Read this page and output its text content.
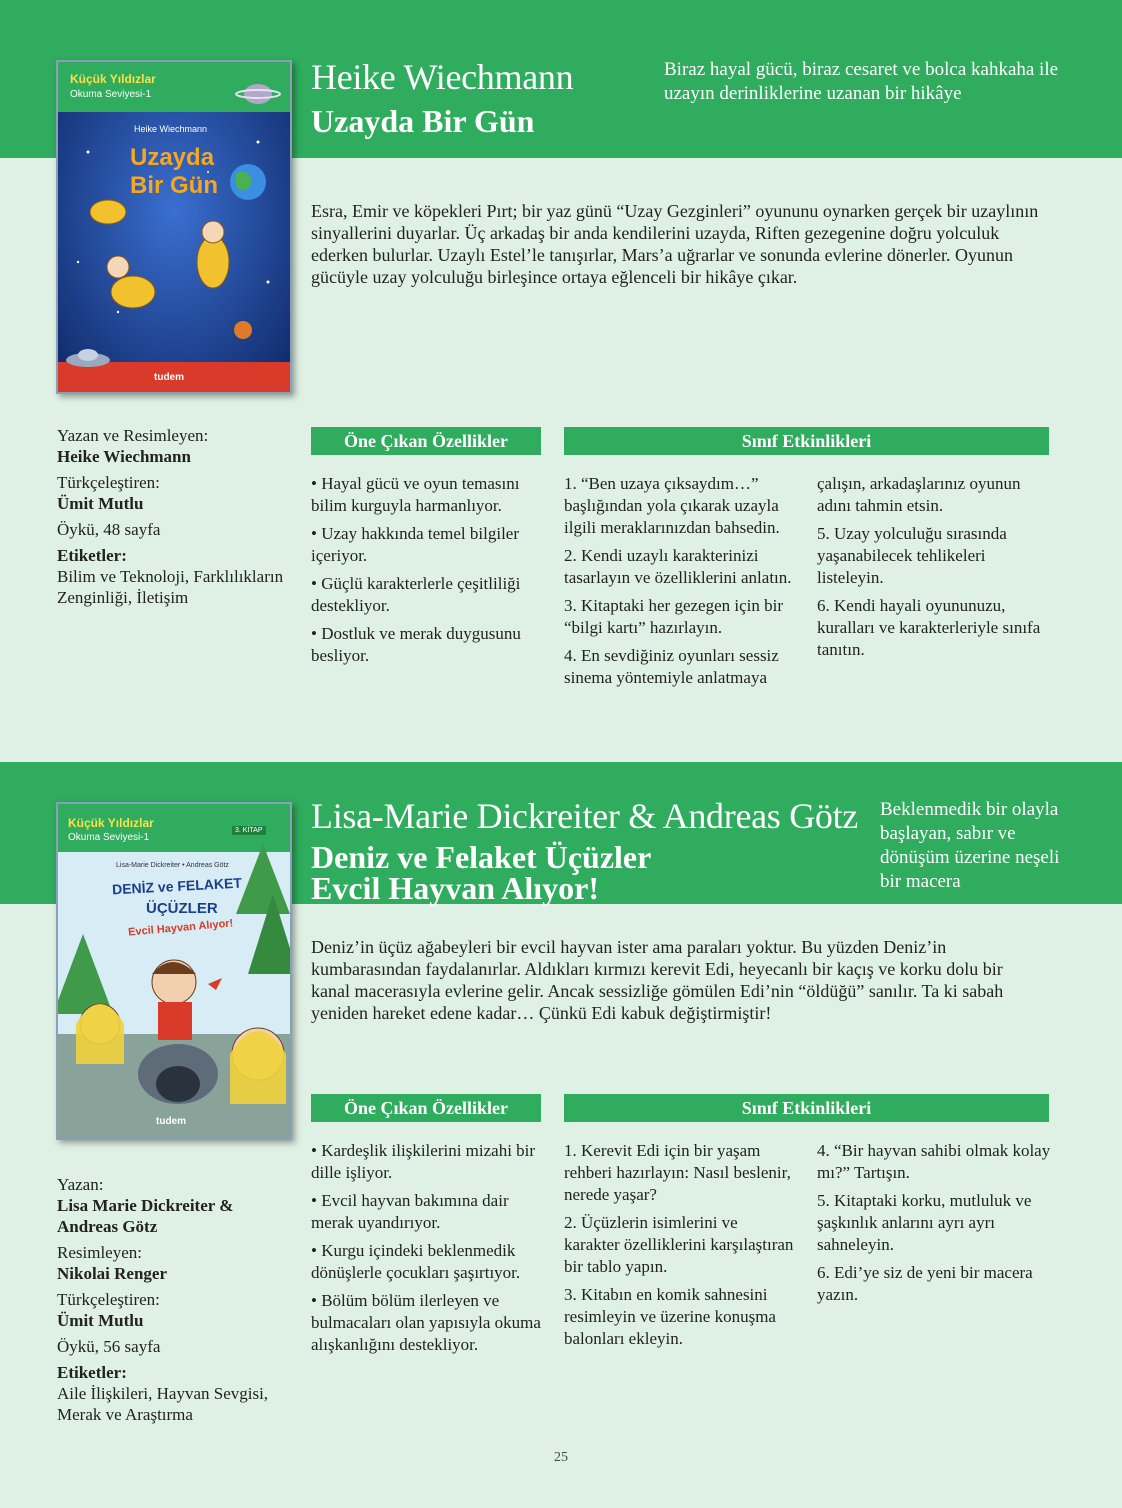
Küçük Yıldızlar
Okuma Seviyesi-1
Heike Wiechmann
Uzayda
Bir Gün
tudem
Heike Wiechmann
Uzayda Bir Gün
Biraz hayal gücü, biraz cesaret ve bolca kahkaha ile uzayın derinliklerine uzanan bir hikâye
Esra, Emir ve köpekleri Pırt; bir yaz günü “Uzay Gezginleri” oyununu oynarken gerçek bir uzaylının sinyallerini duyarlar. Üç arkadaş bir anda kendilerini uzayda, Riften gezegenine doğru yolculuk ederken bulurlar. Uzaylı Estel’le tanışırlar, Mars’a uğrarlar ve sonunda evlerine dönerler. Oyunun gücüyle uzay yolculuğu birleşince ortaya eğlenceli bir hikâye çıkar.
Yazan ve Resimleyen:
Heike Wiechmann
Türkçeleştiren:
Ümit Mutlu
Öykü, 48 sayfa
Etiketler:
Bilim ve Teknoloji, Farklılıkların Zenginliği, İletişim
Öne Çıkan Özellikler	Sınıf Etkinlikleri

• Hayal gücü ve oyun temasını bilim kurguyla harmanlıyor.

• Uzay hakkında temel bilgiler içeriyor.

• Güçlü karakterlerle çeşitliliği destekliyor.

• Dostluk ve merak duygusunu besliyor.

1. “Ben uzaya çıksaydım…” başlığından yola çıkarak uzayla ilgili meraklarınızdan bahsedin.

2. Kendi uzaylı karakterinizi tasarlayın ve özelliklerini anlatın.

3. Kitaptaki her gezegen için bir “bilgi kartı” hazırlayın.

4. En sevdiğiniz oyunları sessiz sinema yöntemiyle anlatmaya

çalışın, arkadaşlarınız oyunun adını tahmin etsin.

5. Uzay yolculuğu sırasında yaşanabilecek tehlikeleri listeleyin.

6. Kendi hayali oyununuzu, kuralları ve karakterleriyle sınıfa tanıtın.

Küçük Yıldızlar
Okuma Seviyesi-1
3. KİTAP
Lisa-Marie Dickreiter • Andreas Götz
DENİZ ve FELAKET
ÜÇÜZLER
Evcil Hayvan Alıyor!
tudem
Lisa-Marie Dickreiter & Andreas Götz
Deniz ve Felaket Üçüzler
Evcil Hayvan Alıyor!
Beklenmedik bir olayla başlayan, sabır ve dönüşüm üzerine neşeli bir macera
Deniz’in üçüz ağabeyleri bir evcil hayvan ister ama paraları yoktur. Bu yüzden Deniz’in kumbarasından faydalanırlar. Aldıkları kırmızı kerevit Edi, heyecanlı bir kaçış ve korku dolu bir kanal macerasıyla evlerine gelir. Ancak sessizliğe gömülen Edi’nin “öldüğü” sanılır. Ta ki sabah yeniden hareket edene kadar… Çünkü Edi kabuk değiştirmiştir!
Öne Çıkan Özellikler	Sınıf Etkinlikleri
Yazan:
Lisa Marie Dickreiter & Andreas Götz
Resimleyen:
Nikolai Renger
Türkçeleştiren:
Ümit Mutlu
Öykü, 56 sayfa
Etiketler:
Aile İlişkileri, Hayvan Sevgisi, Merak ve Araştırma

• Kardeşlik ilişkilerini mizahi bir dille işliyor.

• Evcil hayvan bakımına dair merak uyandırıyor.

• Kurgu içindeki beklenmedik dönüşlerle çocukları şaşırtıyor.

• Bölüm bölüm ilerleyen ve bulmacaları olan yapısıyla okuma alışkanlığını destekliyor.

1. Kerevit Edi için bir yaşam rehberi hazırlayın: Nasıl beslenir, nerede yaşar?

2. Üçüzlerin isimlerini ve karakter özelliklerini karşılaştıran bir tablo yapın.

3. Kitabın en komik sahnesini resimleyin ve üzerine konuşma balonları ekleyin.

4. “Bir hayvan sahibi olmak kolay mı?” Tartışın.

5. Kitaptaki korku, mutluluk ve şaşkınlık anlarını ayrı ayrı sahneleyin.

6. Edi’ye siz de yeni bir macera yazın.

25
